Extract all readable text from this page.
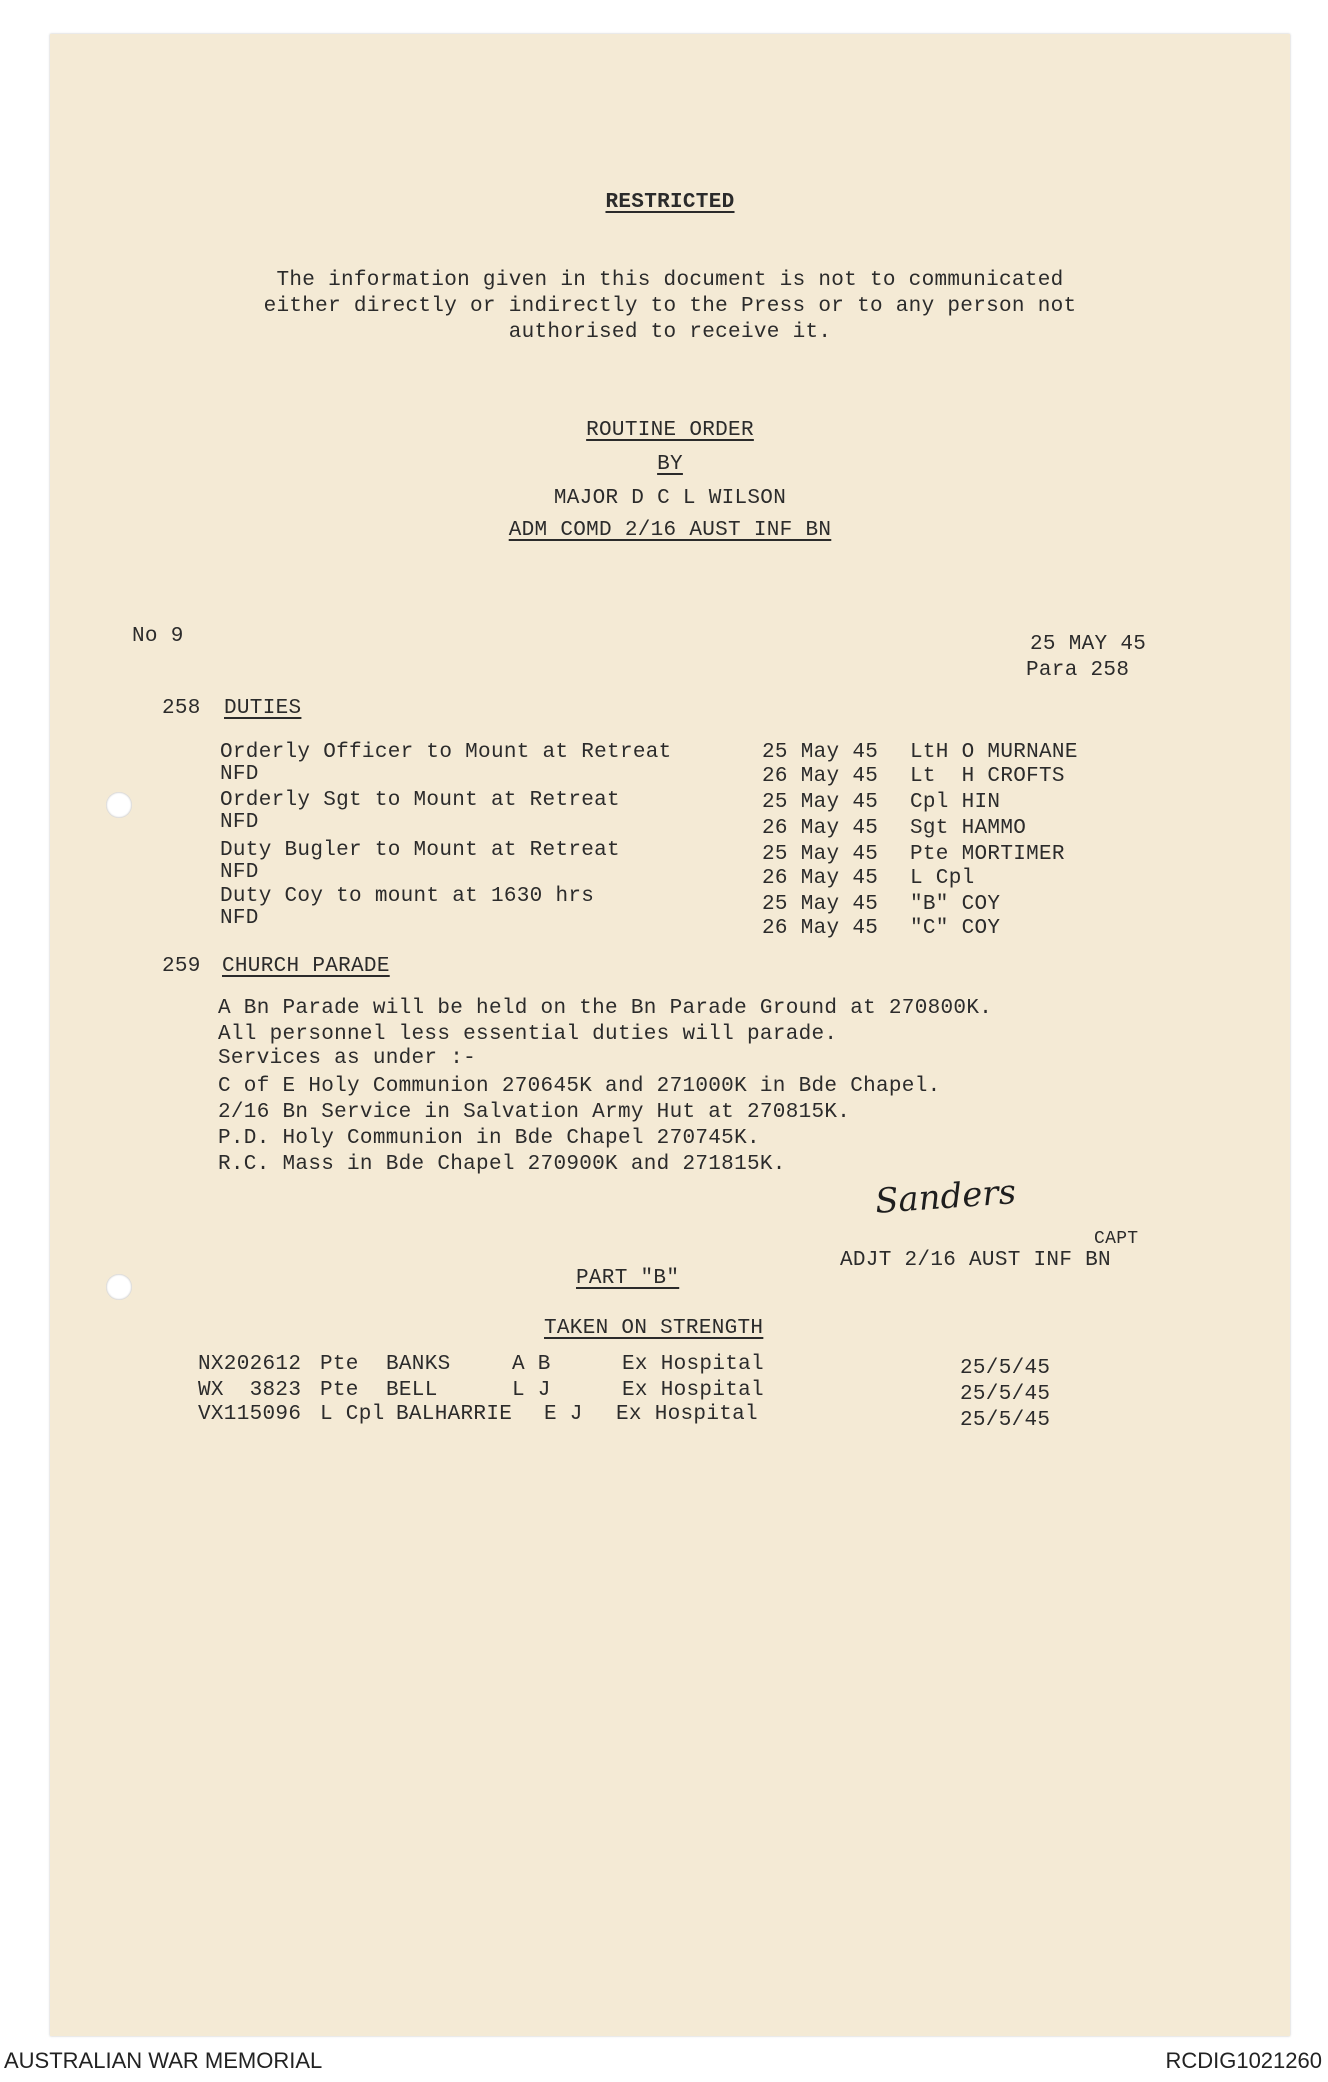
RESTRICTED
The information given in this document is not to communicated
either directly or indirectly to the Press or to any person not
authorised to receive it.
ROUTINE ORDER
BY
MAJOR D C L WILSON
ADM COMD 2/16 AUST INF BN
No 9	25 MAY 45
Para 258
258 DUTIES
Orderly Officer to Mount at Retreat	25 May 45 LtH O MURNANE
NFD	26 May 45 Lt  H CROFTS
Orderly Sgt to Mount at Retreat	25 May 45 Cpl HIN
NFD	26 May 45 Sgt HAMMO
Duty Bugler to Mount at Retreat	25 May 45 Pte MORTIMER
NFD	26 May 45 L Cpl
Duty Coy to mount at 1630 hrs	25 May 45 "B" COY
NFD	26 May 45 "C" COY
259 CHURCH PARADE
A Bn Parade will be held on the Bn Parade Ground at 270800K.
All personnel less essential duties will parade.
Services as under :-
C of E Holy Communion 270645K and 271000K in Bde Chapel.
2/16 Bn Service in Salvation Army Hut at 270815K.
P.D. Holy Communion in Bde Chapel 270745K.
R.C. Mass in Bde Chapel 270900K and 271815K.
Sanders
CAPT
ADJT 2/16 AUST INF BN
PART "B"
TAKEN ON STRENGTH
NX202612 Pte BANKS	A B	Ex Hospital	25/5/45
WX  3823 Pte BELL	L J	Ex Hospital	25/5/45
VX115096 L Cpl BALHARRIE E J Ex Hospital	25/5/45
AUSTRALIAN WAR MEMORIAL	RCDIG1021260
